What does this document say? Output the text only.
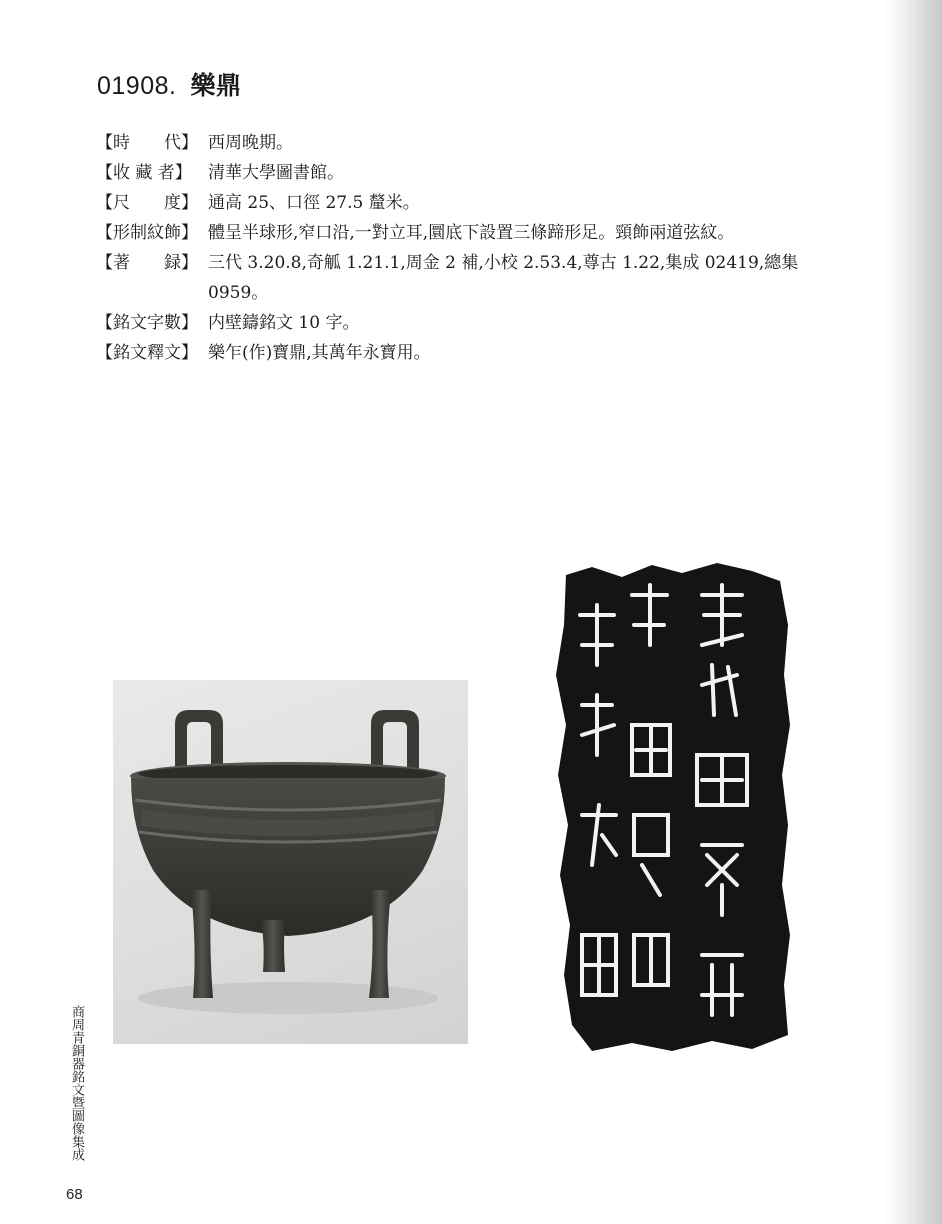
01908. 樂鼎
【時　　代】 西周晚期。
【收 藏 者】 清華大學圖書館。
【尺　　度】 通高 25、口徑 27.5 釐米。
【形制紋飾】 體呈半球形,窄口沿,一對立耳,圜底下設置三條蹄形足。頸飾兩道弦紋。
【著　　録】 三代 3.20.8,奇觚 1.21.1,周金 2 補,小校 2.53.4,尊古 1.22,集成 02419,總集 0959。
【銘文字數】 内壁鑄銘文 10 字。
【銘文釋文】 樂乍(作)寶鼎,其萬年永寶用。
商周青銅器銘文暨圖像集成
68
